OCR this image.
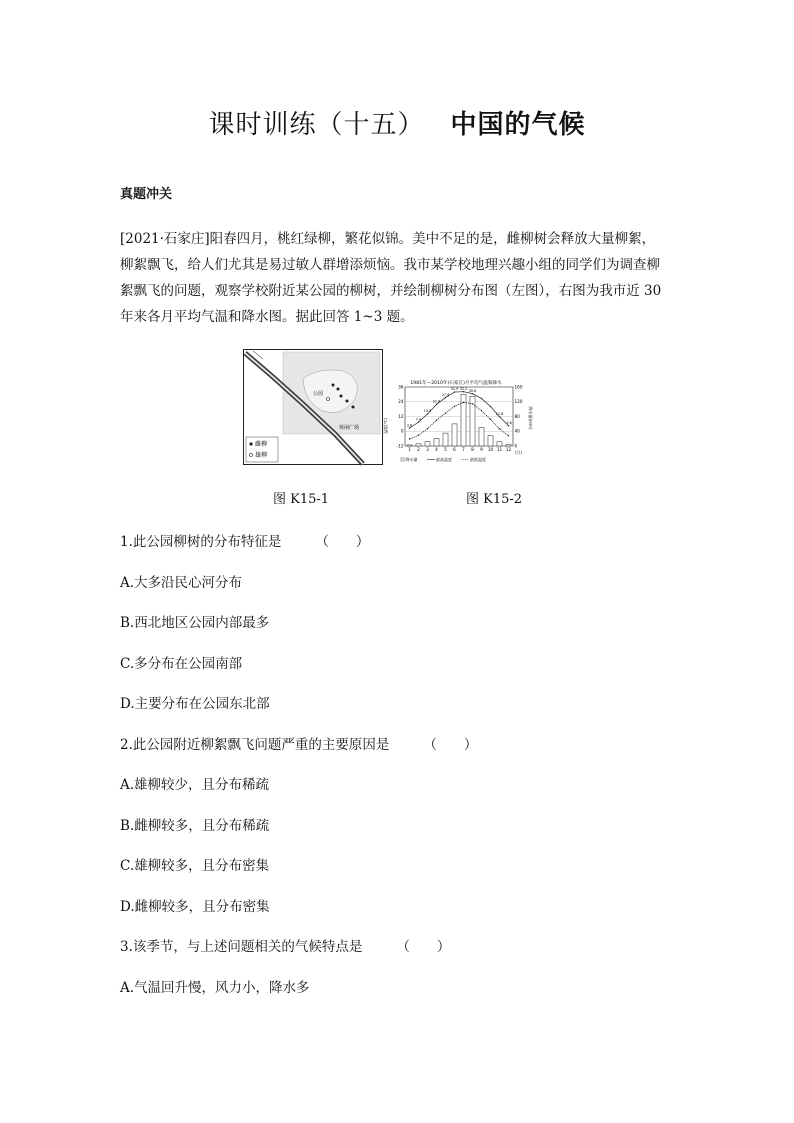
课时训练（十五） 中国的气候
真题冲关

[2021·石家庄]阳春四月，桃红绿柳，繁花似锦。美中不足的是，雌柳树会释放大量柳絮，

柳絮飘飞，给人们尤其是易过敏人群增添烦恼。我市某学校地理兴趣小组的同学们为调查柳

絮飘飞的问题，观察学校附近某公园的柳树，并绘制柳树分布图（左图），右图为我市近 30

年来各月平均气温和降水图。据此回答 1~3 题。

公园
休闲广场
雌柳
雄柳
1981年—2010年(石家庄)月平均气温和降水
温度(℃)	降水量(mm)
(月)
36
24
12
0
-12
160
120
80
40
0
1 2 3 4 5 6 7 8 9 10 11 12
3.6
7.4
13.9
21.8
27.4
31.9 32.2 30.6
11.8
-3.6
降水量	最高温度	最低温度
图 K15-1	图 K15-2
1.此公园柳树的分布特征是	（　　）
A.大多沿民心河分布
B.西北地区公园内部最多
C.多分布在公园南部
D.主要分布在公园东北部
2.此公园附近柳絮飘飞问题严重的主要原因是	（　　）
A.雄柳较少，且分布稀疏
B.雌柳较多，且分布稀疏
C.雄柳较多，且分布密集
D.雌柳较多，且分布密集
3.该季节，与上述问题相关的气候特点是	（　　）
A.气温回升慢，风力小，降水多
